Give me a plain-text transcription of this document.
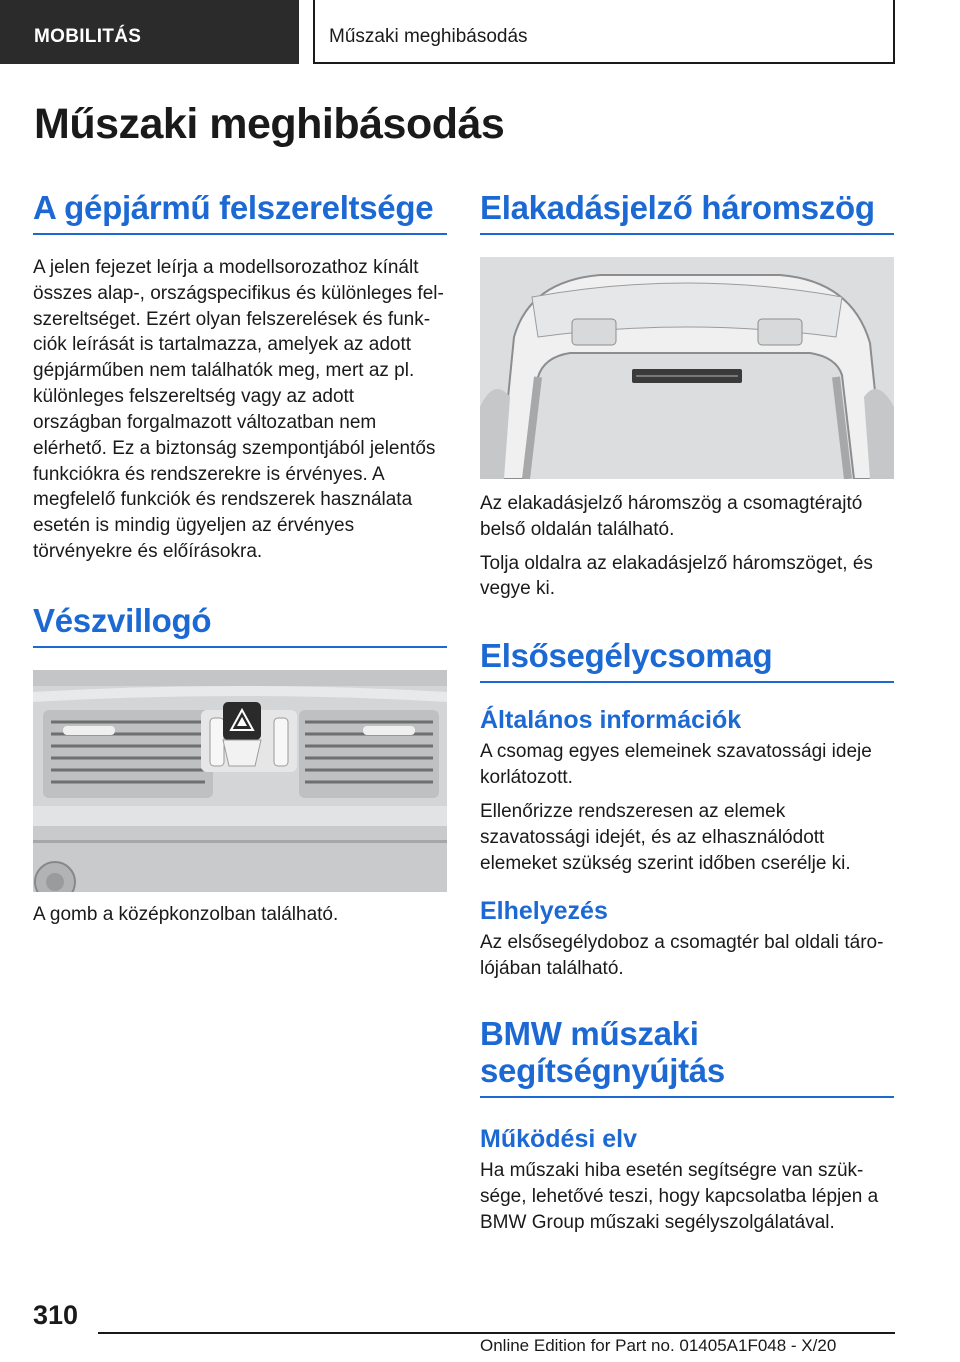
MOBILITÁS	Műszaki meghibásodás
Műszaki meghibásodás
A gépjármű felszereltsége

A jelen fejezet leírja a modellsorozathoz kínált összes alap-, országspecifikus és különleges felszereltséget. Ezért olyan felszerelések és funkciók leírását is tartalmazza, amelyek az adott gépjárműben nem találhatók meg, mert az pl. különleges felszereltség vagy az adott országban forgalmazott változatban nem elérhető. Ez a biztonság szempontjából jelentős funkciókra és rendszerekre is érvényes. A megfelelő funkciók és rendszerek használata esetén is mindig ügyeljen az érvényes törvényekre és előírásokra.

Vészvillogó

A gomb a középkonzolban található.

Elakadásjelző háromszög

Az elakadásjelző háromszög a csomagtérajtó belső oldalán található.

Tolja oldalra az elakadásjelző háromszöget, és vegye ki.

Elsősegélycsomag
Általános információk

A csomag egyes elemeinek szavatossági ideje korlátozott.

Ellenőrizze rendszeresen az elemek szavatossági idejét, és az elhasználódott elemeket szükség szerint időben cserélje ki.

Elhelyezés

Az elsősegélydoboz a csomagtér bal oldali tárolójában található.

BMW műszaki segítségnyújtás
Működési elv

Ha műszaki hiba esetén segítségre van szüksége, lehetővé teszi, hogy kapcsolatba lépjen a BMW Group műszaki segélyszolgálatával.

310
Online Edition for Part no. 01405A1F048 - X/20
